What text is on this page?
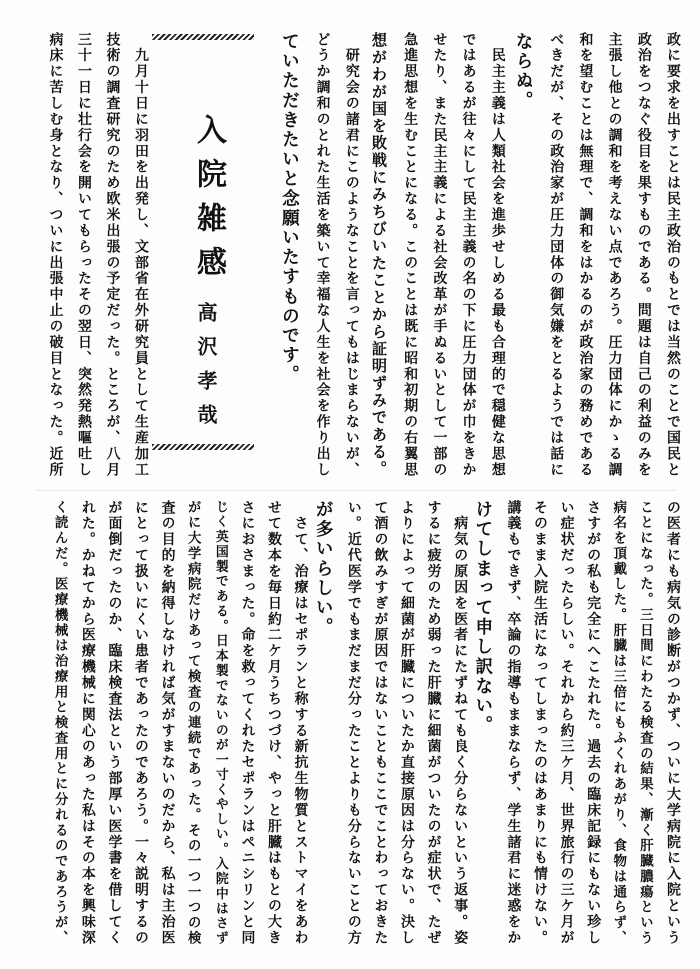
政に要求を出すことは民主政治のもとでは当然のことで国民と
政治をつなぐ役目を果すものである。問題は自己の利益のみを
主張し他との調和を考えない点であろう。圧力団体にかゝる調
和を望むことは無理で、調和をはかるのが政治家の務めである
べきだが、その政治家が圧力団体の御気嫌をとるようでは話に
ならぬ。
　民主主義は人類社会を進歩せしめる最も合理的で穏健な思想
ではあるが往々にして民主主義の名の下に圧力団体が巾をきか
せたり、また民主主義による社会改革が手ぬるいとして一部の
急進思想を生むことになる。このことは既に昭和初期の右翼思
想がわが国を敗戦にみちびいたことから証明ずみである。
　研究会の諸君にこのようなことを言ってもはじまらないが、
どうか調和のとれた生活を築いて幸福な人生を社会を作り出し
ていただきたいと念願いたすものです。
入院雑感
高沢孝哉
　九月十日に羽田を出発し、文部省在外研究員として生産加工
技術の調査研究のため欧米出張の予定だった。ところが、八月
三十一日に壮行会を開いてもらったその翌日、突然発熱嘔吐し
病床に苦しむ身となり、ついに出張中止の破目となった。近所
の医者にも病気の診断がつかず、ついに大学病院に入院という
ことになった。三日間にわたる検査の結果、漸く肝臓膿瘍という
病名を頂戴した。肝臓は三倍にもふくれあがり、食物は通らず、
さすがの私も完全にへこたれた。過去の臨床記録にもない珍し
い症状だったらしい。それから約三ケ月、世界旅行の三ケ月が
そのまま入院生活になってしまったのはあまりにも情けない。
講義もできず、卒論の指導もままならず、学生諸君に迷惑をか
けてしまって申し訳ない。
　病気の原因を医者にたずねても良く分らないという返事。姿
するに疲労のため弱った肝臓に細菌がついたのが症状で、たぜ
よりによって細菌が肝臓についたか直接原因は分らない。決し
て酒の飲みすぎが原因ではないこともここでことわっておきた
い。近代医学でもまだまだ分ったことよりも分らないことの方
が多いらしい。
　さて、治療はセポランと称する新抗生物質とストマイをあわ
せて数本を毎日約二ケ月うちつづけ、やっと肝臓はもとの大き
さにおさまった。命を救ってくれたセポランはペニシリンと同
じく英国製である。日本製でないのが一寸くやしい。入院中はさず
がに大学病院だけあって検査の連続であった。その一つ一つの検
査の目的を納得しなければ気がすまないのだから、私は主治医
にとって扱いにくい患者であったのであろう。一々説明するの
が面倒だったのか、臨床検査法という部厚い医学書を借してく
れた。かねてから医療機械に関心のあった私はその本を興味深
く読んだ。医療機械は治療用と検査用とに分れるのであろうが、
